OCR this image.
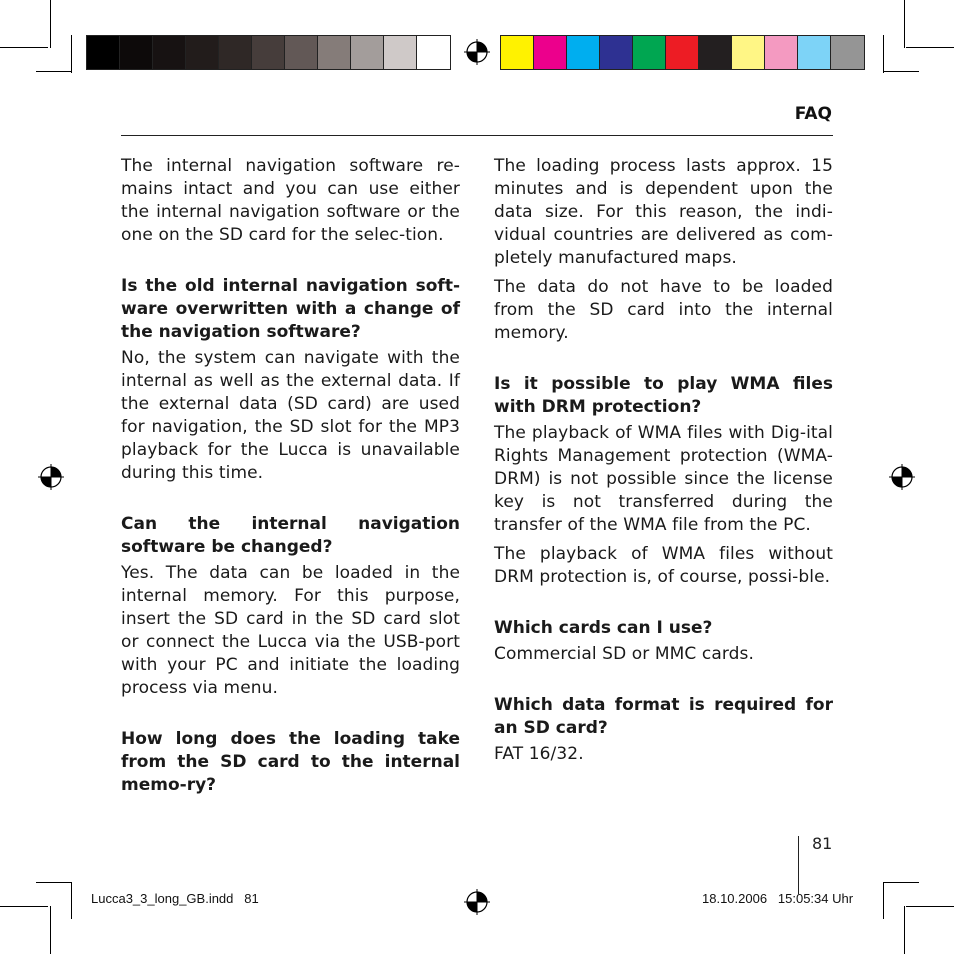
FAQ

The internal navigation software re-mains intact and you can use either the internal navigation software or the one on the SD card for the selec-tion.

Is the old internal navigation soft-ware overwritten with a change of the navigation software?

No, the system can navigate with the internal as well as the external data. If the external data (SD card) are used for navigation, the SD slot for the MP3 playback for the Lucca is unavailable during this time.

Can the internal navigation software be changed?

Yes. The data can be loaded in the internal memory. For this purpose, insert the SD card in the SD card slot or connect the Lucca via the USB-port with your PC and initiate the loading process via menu.

How long does the loading take from the SD card to the internal memo-ry?

The loading process lasts approx. 15 minutes and is dependent upon the data size. For this reason, the indi-vidual countries are delivered as com-pletely manufactured maps.

The data do not have to be loaded from the SD card into the internal memory.

Is it possible to play WMA files with DRM protection?

The playback of WMA files with Dig-ital Rights Management protection (WMA-DRM) is not possible since the license key is not transferred during the transfer of the WMA file from the PC.

The playback of WMA files without DRM protection is, of course, possi-ble.

Which cards can I use?

Commercial SD or MMC cards.

Which data format is required for an SD card?

FAT 16/32.

81
Lucca3_3_long_GB.indd   81	18.10.2006   15:05:34 Uhr
